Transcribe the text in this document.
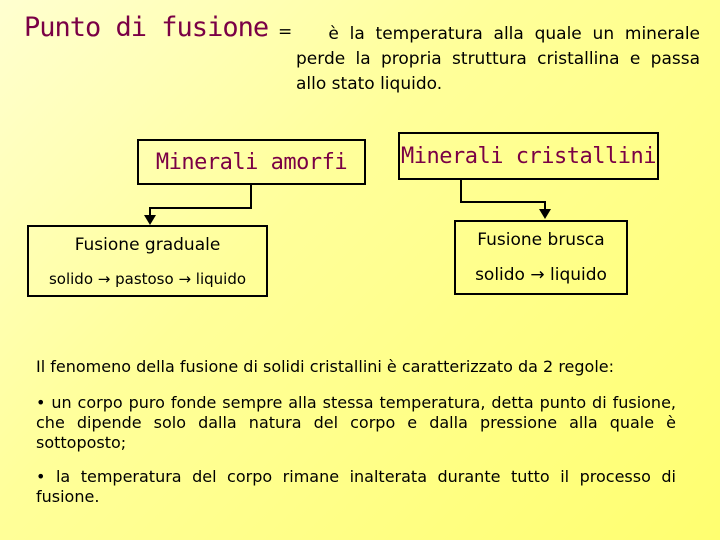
Punto di fusione =	è la temperatura alla quale un minerale perde la propria struttura cristallina e passa allo stato liquido.
Minerali amorfi Minerali cristallini
Fusione graduale
solido → pastoso → liquido
Fusione brusca
solido → liquido

Il fenomeno della fusione di solidi cristallini è caratterizzato da 2 regole:

• un corpo puro fonde sempre alla stessa temperatura, detta punto di fusione, che dipende solo dalla natura del corpo e dalla pressione alla quale è sottoposto;

• la temperatura del corpo rimane inalterata durante tutto il processo di fusione.
